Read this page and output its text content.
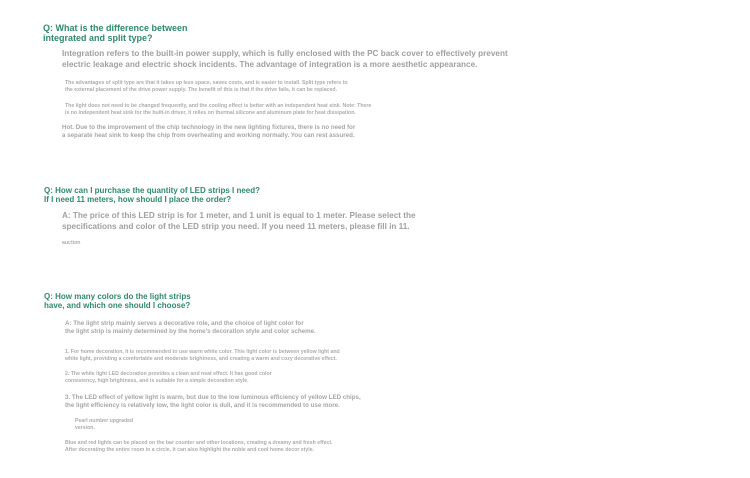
Q: What is the difference between
integrated and split type?

Integration refers to the built-in power supply, which is fully enclosed with the PC back cover to effectively prevent
electric leakage and electric shock incidents. The advantage of integration is a more aesthetic appearance.

The advantages of split type are that it takes up less space, saves costs, and is easier to install. Split type refers to
the external placement of the drive power supply. The benefit of this is that if the drive fails, it can be replaced.

The light does not need to be changed frequently, and the cooling effect is better with an independent heat sink. Note: There
is no independent heat sink for the built-in driver, it relies on thermal silicone and aluminum plate for heat dissipation.

Hot. Due to the improvement of the chip technology in the new lighting fixtures, there is no need for
a separate heat sink to keep the chip from overheating and working normally. You can rest assured.

Q: How can I purchase the quantity of LED strips I need?
If I need 11 meters, how should I place the order?

A: The price of this LED strip is for 1 meter, and 1 unit is equal to 1 meter. Please select the
specifications and color of the LED strip you need. If you need 11 meters, please fill in 11.

auction

Q: How many colors do the light strips
have, and which one should I choose?

A: The light strip mainly serves a decorative role, and the choice of light color for
the light strip is mainly determined by the home's decoration style and color scheme.

1. For home decoration, it is recommended to use warm white color. This light color is between yellow light and
white light, providing a comfortable and moderate brightness, and creating a warm and cozy decorative effect.

2. The white light LED decoration provides a clean and neat effect. It has good color
consistency, high brightness, and is suitable for a simple decoration style.

3. The LED effect of yellow light is warm, but due to the low luminous efficiency of yellow LED chips,
the light efficiency is relatively low, the light color is dull, and it is recommended to use more.

Pearl number upgraded
version.

Blue and red lights can be placed on the bar counter and other locations, creating a dreamy and fresh effect.
After decorating the entire room in a circle, it can also highlight the noble and cool home decor style.
